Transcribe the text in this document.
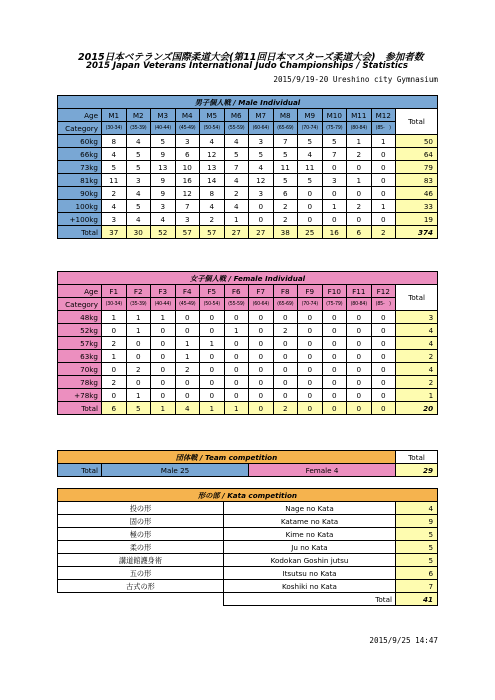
2015日本ベテランズ国際柔道大会(第11回日本マスターズ柔道大会)　参加者数
2015 Japan Veterans International Judo Championships / Statistics
2015/9/19-20 Ureshino city Gymnasium
男子個人戦 / Male Individual													
Age	M1	M2	M3	M4	M5	M6	M7	M8	M9	M10	M11	M12	Total
Category	(30-34)	(35-39)	(40-44)	(45-49)	(50-54)	(55-59)	(60-64)	(65-69)	(70-74)	(75-79)	(80-84)	(85-　)	
60kg	8	4	5	3	4	4	3	7	5	5	1	1	50
66kg	4	5	9	6	12	5	5	5	4	7	2	0	64
73kg	5	5	13	10	13	7	4	11	11	0	0	0	79
81kg	11	3	9	16	14	4	12	5	5	3	1	0	83
90kg	2	4	9	12	8	2	3	6	0	0	0	0	46
100kg	4	5	3	7	4	4	0	2	0	1	2	1	33
+100kg	3	4	4	3	2	1	0	2	0	0	0	0	19
Total	37	30	52	57	57	27	27	38	25	16	6	2	374
女子個人戦 / Female Individual													
Age	F1	F2	F3	F4	F5	F6	F7	F8	F9	F10	F11	F12	Total
Category	(30-34)	(35-39)	(40-44)	(45-49)	(50-54)	(55-59)	(60-64)	(65-69)	(70-74)	(75-79)	(80-84)	(85-　)	
48kg	1	1	1	0	0	0	0	0	0	0	0	0	3
52kg	0	1	0	0	0	1	0	2	0	0	0	0	4
57kg	2	0	0	1	1	0	0	0	0	0	0	0	4
63kg	1	0	0	1	0	0	0	0	0	0	0	0	2
70kg	0	2	0	2	0	0	0	0	0	0	0	0	4
78kg	2	0	0	0	0	0	0	0	0	0	0	0	2
+78kg	0	1	0	0	0	0	0	0	0	0	0	0	1
Total	6	5	1	4	1	1	0	2	0	0	0	0	20
団体戦 / Team competition			Total
Total	Male 25	Female 4	29
形の部 / Kata competition		
投の形	Nage no Kata	4
固の形	Katame no Kata	9
極の形	Kime no Kata	5
柔の形	Ju no Kata	5
講道館護身術	Kodokan Goshin jutsu	5
五の形	Itsutsu no Kata	6
古式の形	Koshiki no Kata	7
	Total	41
2015/9/25 14:47
